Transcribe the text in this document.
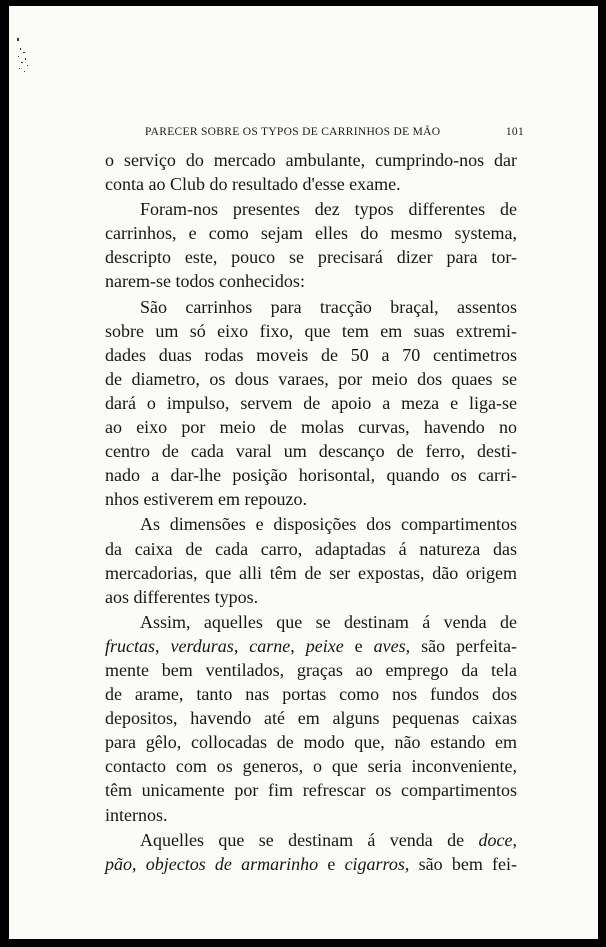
PARECER SOBRE OS TYPOS DE CARRINHOS DE MÃO	101

o serviço do mercado ambulante, cumprindo-nos dar
conta ao Club do resultado d'esse exame.

Foram-nos presentes dez typos differentes de
carrinhos, e como sejam elles do mesmo systema,
descripto este, pouco se precisará dizer para tor-
narem-se todos conhecidos:

São carrinhos para tracção braçal, assentos
sobre um só eixo fixo, que tem em suas extremi-
dades duas rodas moveis de 50 a 70 centimetros
de diametro, os dous varaes, por meio dos quaes se
dará o impulso, servem de apoio a meza e liga-se
ao eixo por meio de molas curvas, havendo no
centro de cada varal um descanço de ferro, desti-
nado a dar-lhe posição horisontal, quando os carri-
nhos estiverem em repouzo.

As dimensões e disposições dos compartimentos
da caixa de cada carro, adaptadas á natureza das
mercadorias, que alli têm de ser expostas, dão origem
aos differentes typos.

Assim, aquelles que se destinam á venda de
fructas, verduras, carne, peixe e aves, são perfeita-
mente bem ventilados, graças ao emprego da tela
de arame, tanto nas portas como nos fundos dos
depositos, havendo até em alguns pequenas caixas
para gêlo, collocadas de modo que, não estando em
contacto com os generos, o que seria inconveniente,
têm unicamente por fim refrescar os compartimentos
internos.

Aquelles que se destinam á venda de doce,
pão, objectos de armarinho e cigarros, são bem fei-
